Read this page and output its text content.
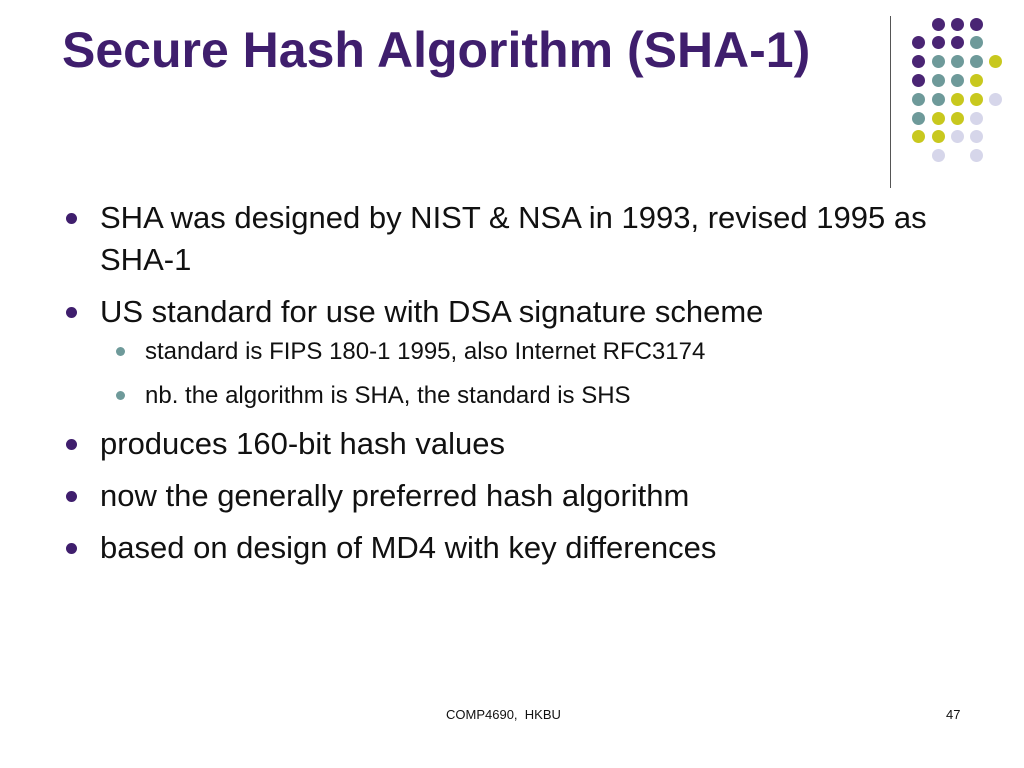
Secure Hash Algorithm (SHA-1)
SHA was designed by NIST & NSA in 1993, revised 1995 as SHA-1
US standard for use with DSA signature scheme
standard is FIPS 180-1 1995, also Internet RFC3174
nb. the algorithm is SHA, the standard is SHS
produces 160-bit hash values
now the generally preferred hash algorithm
based on design of MD4 with key differences
COMP4690,  HKBU	47
